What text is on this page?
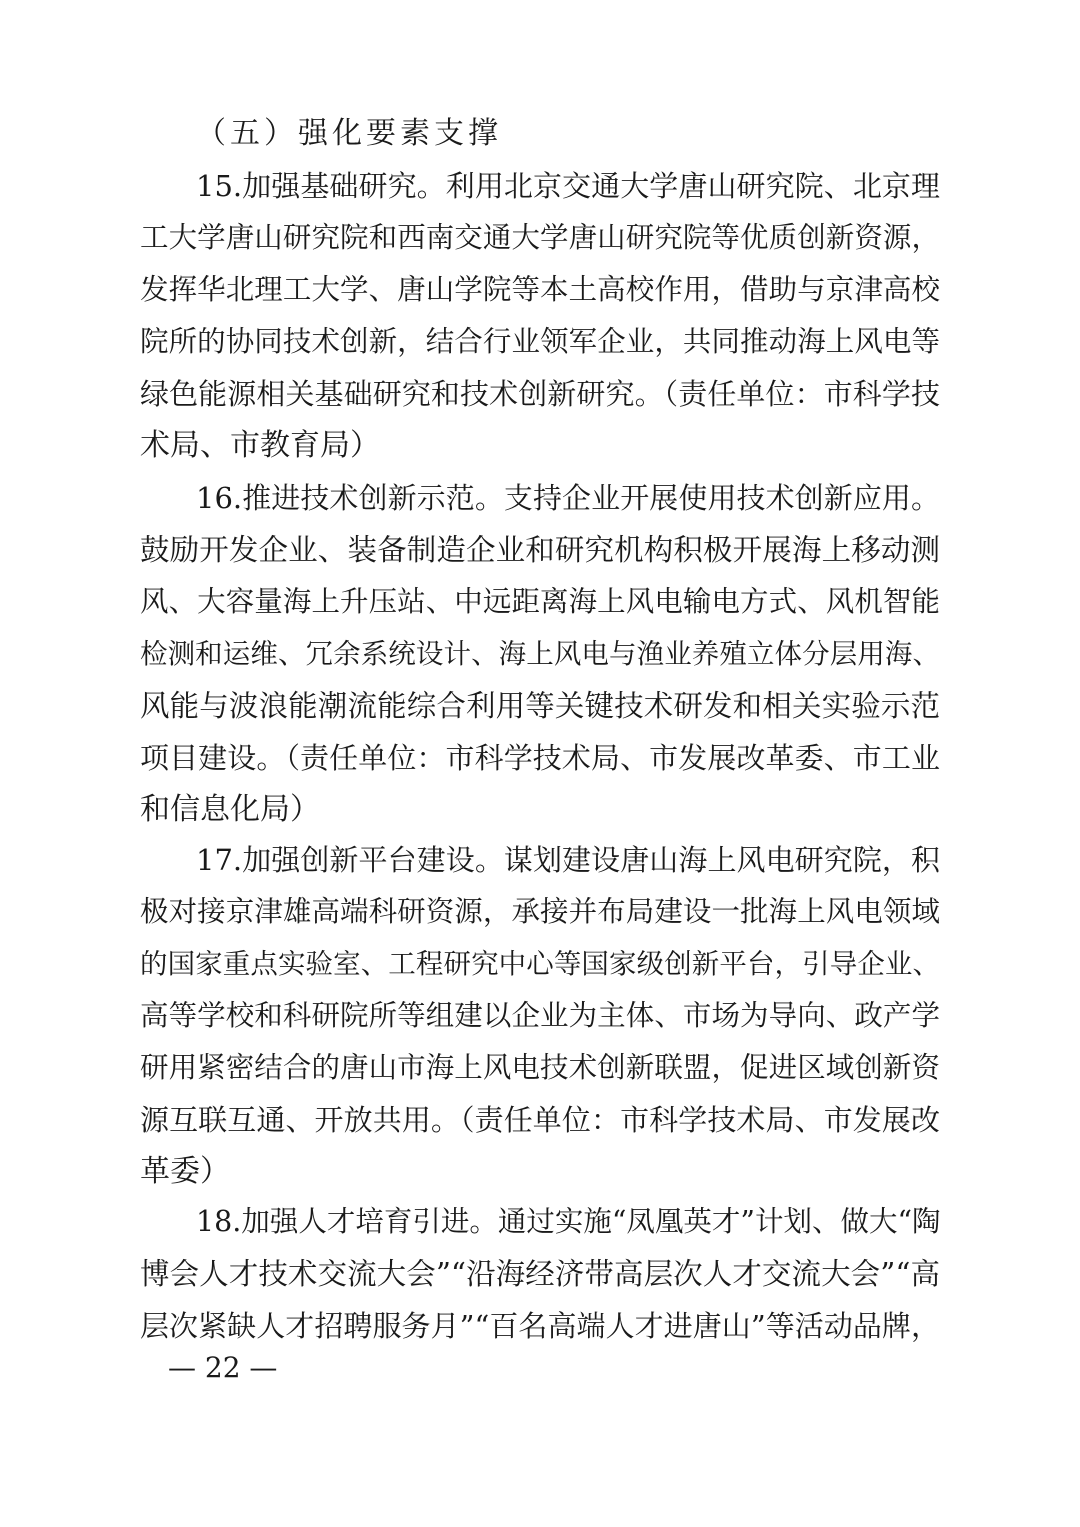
（五）强化要素支撑
15.加强基础研究。利用北京交通大学唐山研究院、北京理
工大学唐山研究院和西南交通大学唐山研究院等优质创新资源，
发挥华北理工大学、唐山学院等本土高校作用，借助与京津高校
院所的协同技术创新，结合行业领军企业，共同推动海上风电等
绿色能源相关基础研究和技术创新研究。（责任单位：市科学技
术局、市教育局）
16.推进技术创新示范。支持企业开展使用技术创新应用。
鼓励开发企业、装备制造企业和研究机构积极开展海上移动测
风、大容量海上升压站、中远距离海上风电输电方式、风机智能
检测和运维、冗余系统设计、海上风电与渔业养殖立体分层用海、
风能与波浪能潮流能综合利用等关键技术研发和相关实验示范
项目建设。（责任单位：市科学技术局、市发展改革委、市工业
和信息化局）
17.加强创新平台建设。谋划建设唐山海上风电研究院，积
极对接京津雄高端科研资源，承接并布局建设一批海上风电领域
的国家重点实验室、工程研究中心等国家级创新平台，引导企业、
高等学校和科研院所等组建以企业为主体、市场为导向、政产学
研用紧密结合的唐山市海上风电技术创新联盟，促进区域创新资
源互联互通、开放共用。（责任单位：市科学技术局、市发展改
革委）
18.加强人才培育引进。通过实施“凤凰英才”计划、做大“陶
博会人才技术交流大会”“沿海经济带高层次人才交流大会”“高
层次紧缺人才招聘服务月”“百名高端人才进唐山”等活动品牌，
— 22 —
